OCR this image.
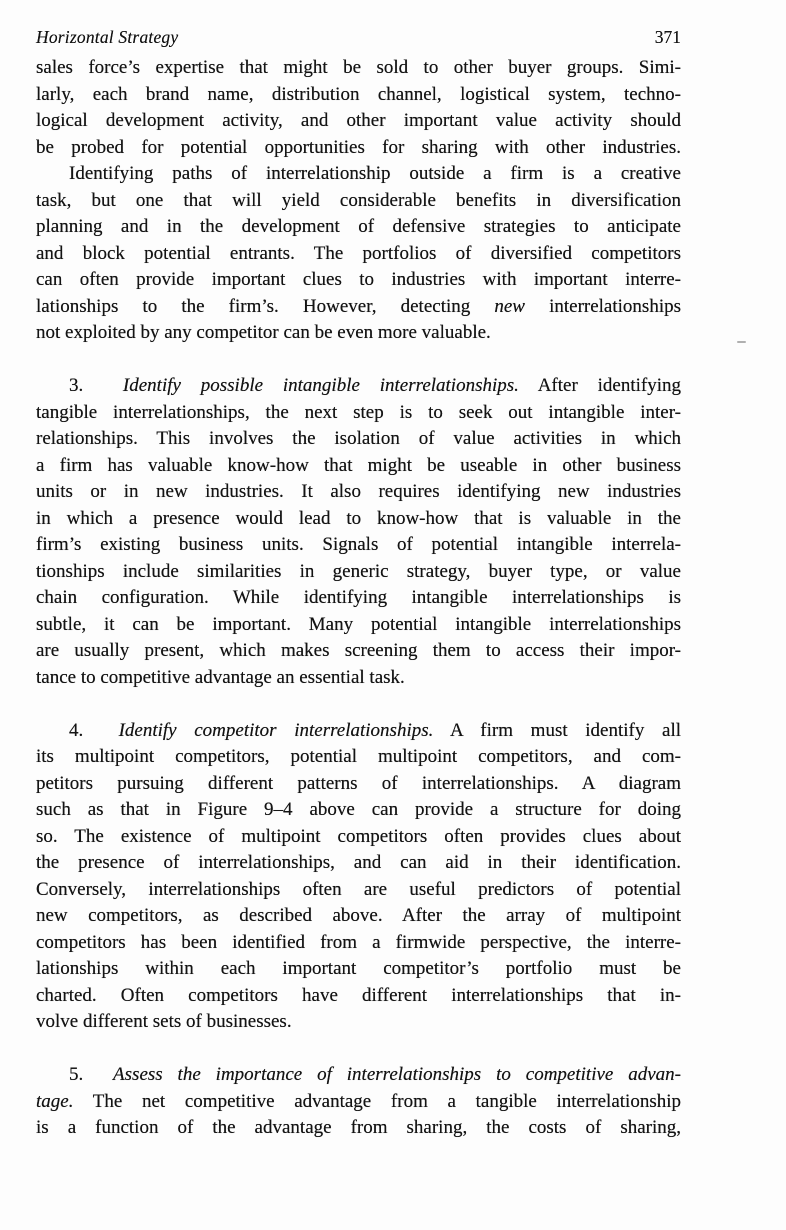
Horizontal Strategy	371
sales force’s expertise that might be sold to other buyer groups. Simi-
larly, each brand name, distribution channel, logistical system, techno-
logical development activity, and other important value activity should
be probed for potential opportunities for sharing with other industries.
Identifying paths of interrelationship outside a firm is a creative
task, but one that will yield considerable benefits in diversification
planning and in the development of defensive strategies to anticipate
and block potential entrants. The portfolios of diversified competitors
can often provide important clues to industries with important interre-
lationships to the firm’s. However, detecting new interrelationships
not exploited by any competitor can be even more valuable.
3.  Identify possible intangible interrelationships. After identifying
tangible interrelationships, the next step is to seek out intangible inter-
relationships. This involves the isolation of value activities in which
a firm has valuable know-how that might be useable in other business
units or in new industries. It also requires identifying new industries
in which a presence would lead to know-how that is valuable in the
firm’s existing business units. Signals of potential intangible interrela-
tionships include similarities in generic strategy, buyer type, or value
chain configuration. While identifying intangible interrelationships is
subtle, it can be important. Many potential intangible interrelationships
are usually present, which makes screening them to access their impor-
tance to competitive advantage an essential task.
4.  Identify competitor interrelationships. A firm must identify all
its multipoint competitors, potential multipoint competitors, and com-
petitors pursuing different patterns of interrelationships. A diagram
such as that in Figure 9–4 above can provide a structure for doing
so. The existence of multipoint competitors often provides clues about
the presence of interrelationships, and can aid in their identification.
Conversely, interrelationships often are useful predictors of potential
new competitors, as described above. After the array of multipoint
competitors has been identified from a firmwide perspective, the interre-
lationships within each important competitor’s portfolio must be
charted. Often competitors have different interrelationships that in-
volve different sets of businesses.
5.  Assess the importance of interrelationships to competitive advan-
tage. The net competitive advantage from a tangible interrelationship
is a function of the advantage from sharing, the costs of sharing,
